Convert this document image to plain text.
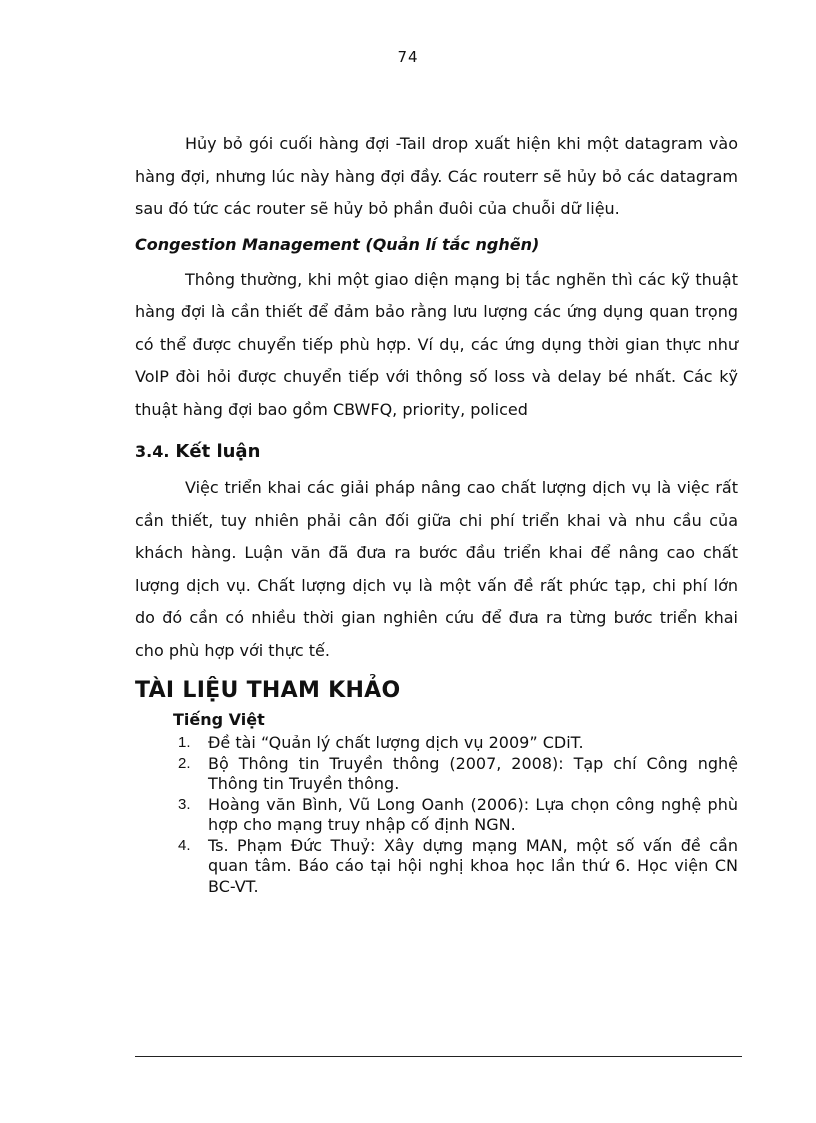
74

Hủy bỏ gói cuối hàng đợi -Tail drop xuất hiện khi một datagram vào hàng đợi, nhưng lúc này hàng đợi đầy. Các routerr sẽ hủy bỏ các datagram sau đó tức các router sẽ hủy bỏ phần đuôi của chuỗi dữ liệu.

Congestion Management (Quản lí tắc nghẽn)

Thông thường, khi một giao diện mạng bị tắc nghẽn thì các kỹ thuật hàng đợi là cần thiết để đảm bảo rằng lưu lượng các ứng dụng quan trọng có thể được chuyển tiếp phù hợp. Ví dụ, các ứng dụng thời gian thực như VoIP đòi hỏi được chuyển tiếp với thông số loss và delay bé nhất. Các kỹ thuật hàng đợi bao gồm CBWFQ, priority, policed

3.4. Kết luận

Việc triển khai các giải pháp nâng cao chất lượng dịch vụ là việc rất cần thiết, tuy nhiên phải cân đối giữa chi phí triển khai và nhu cầu của khách hàng. Luận văn đã đưa ra bước đầu triển khai để nâng cao chất lượng dịch vụ. Chất lượng dịch vụ là một vấn đề rất phức tạp, chi phí lớn do đó cần có nhiều thời gian nghiên cứu để đưa ra từng bước triển khai cho phù hợp với thực tế.

TÀI LIỆU THAM KHẢO
Tiếng Việt
1.	Đề tài “Quản lý chất lượng dịch vụ 2009” CDiT.
2.	Bộ Thông tin Truyền thông (2007, 2008): Tạp chí Công nghệ Thông tin Truyền thông.
3.	Hoàng văn Bình, Vũ Long Oanh (2006): Lựa chọn công nghệ phù hợp cho mạng truy nhập cố định NGN.
4.	Ts. Phạm Đức Thuỷ: Xây dựng mạng MAN, một số vấn đề cần quan tâm. Báo cáo tại hội nghị khoa học lần thứ 6. Học viện CN BC-VT.
